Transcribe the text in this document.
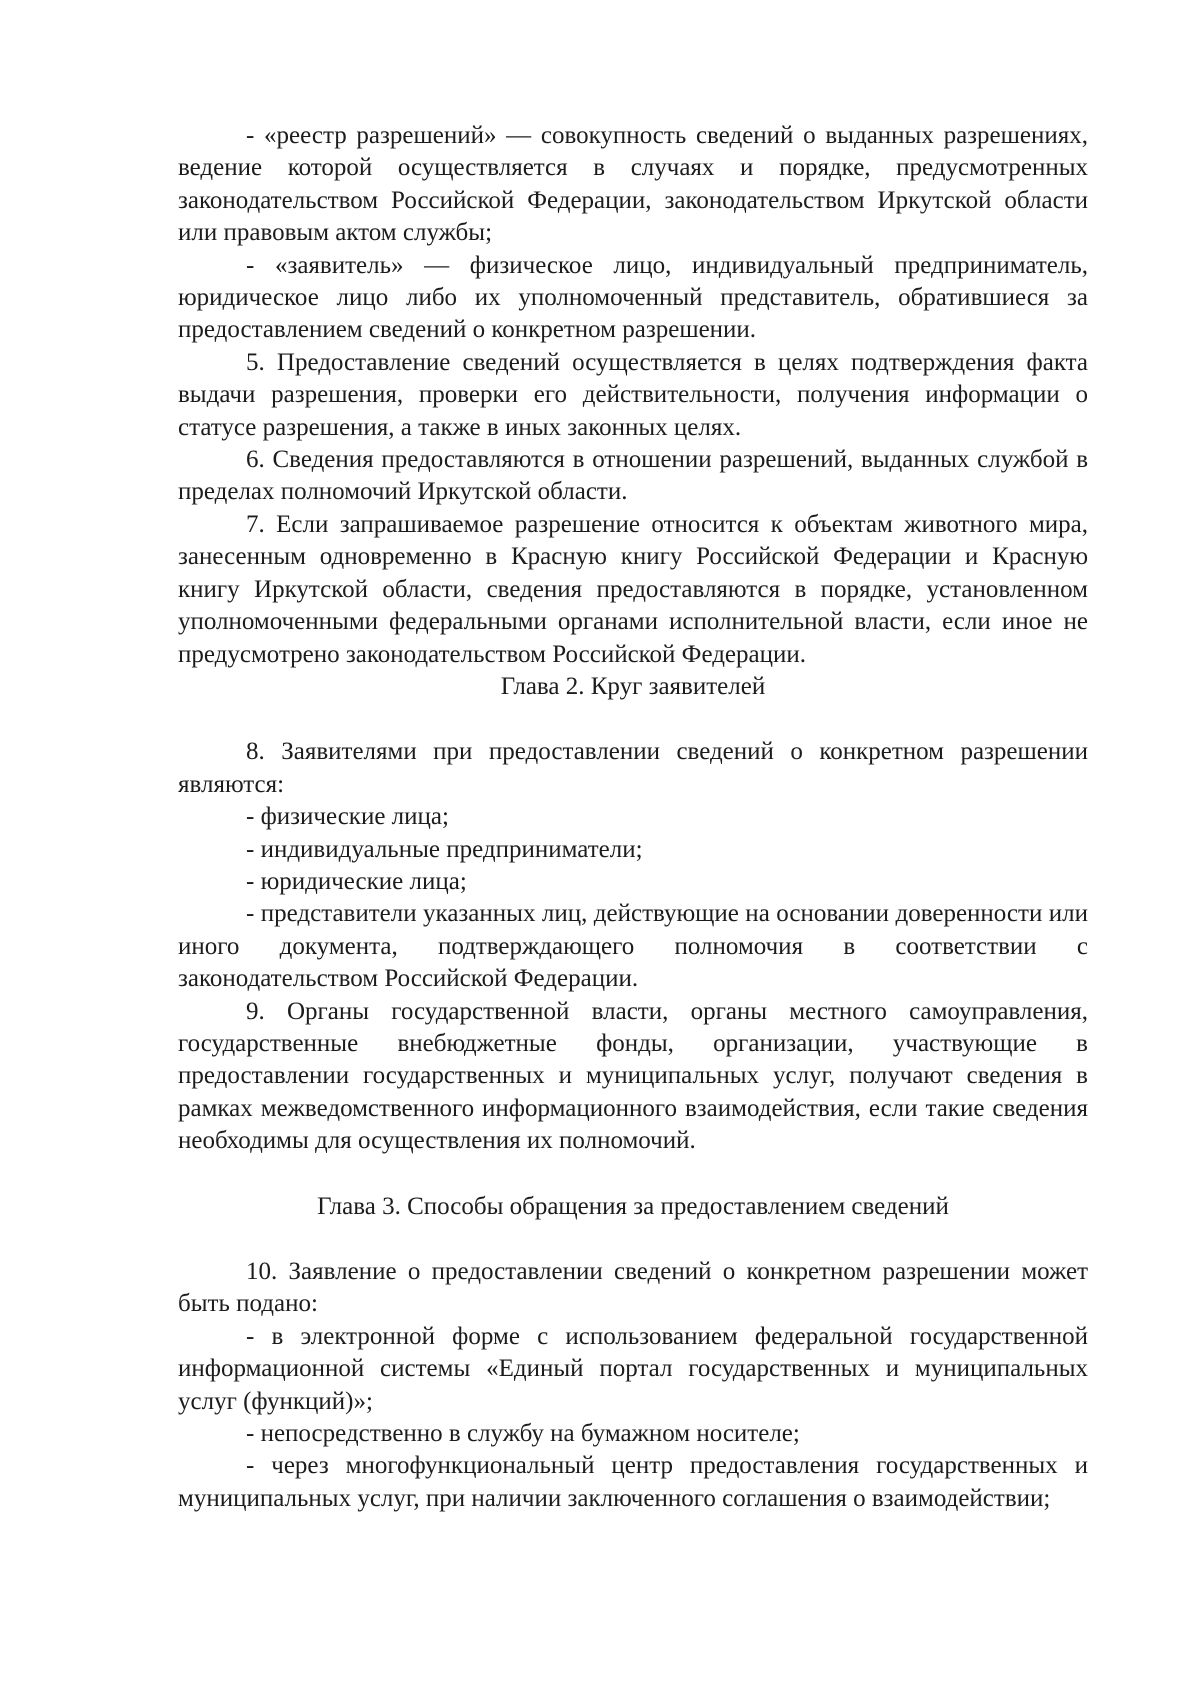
- «реестр разрешений» — совокупность сведений о выданных разрешениях, ведение которой осуществляется в случаях и порядке, предусмотренных законодательством Российской Федерации, законодательством Иркутской области или правовым актом службы;

- «заявитель» — физическое лицо, индивидуальный предприниматель, юридическое лицо либо их уполномоченный представитель, обратившиеся за предоставлением сведений о конкретном разрешении.

5. Предоставление сведений осуществляется в целях подтверждения факта выдачи разрешения, проверки его действительности, получения информации о статусе разрешения, а также в иных законных целях.

6. Сведения предоставляются в отношении разрешений, выданных службой в пределах полномочий Иркутской области.

7. Если запрашиваемое разрешение относится к объектам животного мира, занесенным одновременно в Красную книгу Российской Федерации и Красную книгу Иркутской области, сведения предоставляются в порядке, установленном уполномоченными федеральными органами исполнительной власти, если иное не предусмотрено законодательством Российской Федерации.

Глава 2. Круг заявителей

8. Заявителями при предоставлении сведений о конкретном разрешении являются:

- физические лица;

- индивидуальные предприниматели;

- юридические лица;

- представители указанных лиц, действующие на основании доверенности или иного документа, подтверждающего полномочия в соответствии с законодательством Российской Федерации.

9. Органы государственной власти, органы местного самоуправления, государственные внебюджетные фонды, организации, участвующие в предоставлении государственных и муниципальных услуг, получают сведения в рамках межведомственного информационного взаимодействия, если такие сведения необходимы для осуществления их полномочий.

Глава 3. Способы обращения за предоставлением сведений

10. Заявление о предоставлении сведений о конкретном разрешении может быть подано:

- в электронной форме с использованием федеральной государственной информационной системы «Единый портал государственных и муниципальных услуг (функций)»;

- непосредственно в службу на бумажном носителе;

- через многофункциональный центр предоставления государственных и муниципальных услуг, при наличии заключенного соглашения о взаимодействии;
